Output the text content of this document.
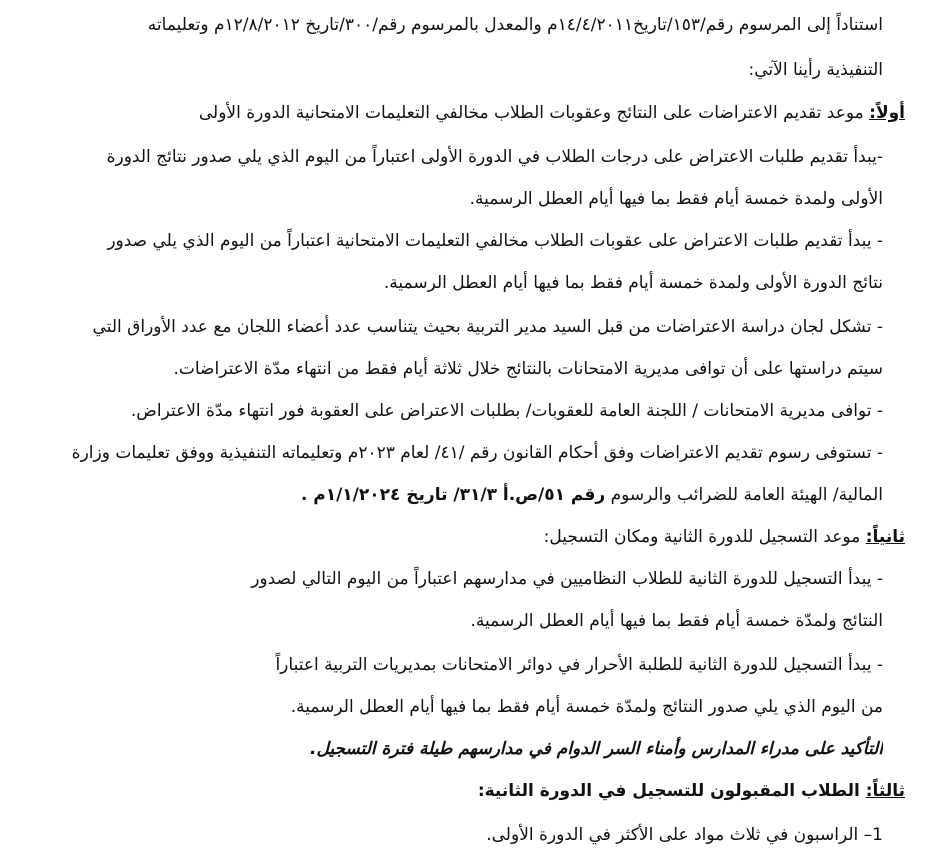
استناداً إلى المرسوم رقم/١٥٣/تاريخ١٤/٤/٢٠١١م والمعدل بالمرسوم رقم/٣٠٠/تاريخ ١٢/٨/٢٠١٢م وتعليماته
التنفيذية رأينا الآتي:
أولاً: موعد تقديم الاعتراضات على النتائج وعقوبات الطلاب مخالفي التعليمات الامتحانية الدورة الأولى
-يبدأ تقديم طلبات الاعتراض على درجات الطلاب في الدورة الأولى اعتباراً من اليوم الذي يلي صدور نتائج الدورة
الأولى ولمدة خمسة أيام فقط بما فيها أيام العطل الرسمية.
- يبدأ تقديم طلبات الاعتراض على عقوبات الطلاب مخالفي التعليمات الامتحانية اعتباراً من اليوم الذي يلي صدور
نتائج الدورة الأولى ولمدة خمسة أيام فقط بما فيها أيام العطل الرسمية.
- تشكل لجان دراسة الاعتراضات من قبل السيد مدير التربية بحيث يتناسب عدد أعضاء اللجان مع عدد الأوراق التي
سيتم دراستها على أن توافى مديرية الامتحانات بالنتائج خلال ثلاثة أيام فقط من انتهاء مدّة الاعتراضات.
- توافى مديرية الامتحانات / اللجنة العامة للعقوبات/ بطلبات الاعتراض على العقوبة فور انتهاء مدّة الاعتراض.
- تستوفى رسوم تقديم الاعتراضات وفق أحكام القانون رقم /٤١/ لعام ٢٠٢٣م وتعليماته التنفيذية ووفق تعليمات وزارة
المالية/ الهيئة العامة للضرائب والرسوم رقم ٥١/ص.أ ٣١/٣/ تاريخ ١/١/٢٠٢٤م .
ثانياً: موعد التسجيل للدورة الثانية ومكان التسجيل:
- يبدأ التسجيل للدورة الثانية للطلاب النظاميين في مدارسهم اعتباراً من اليوم التالي لصدور
النتائج ولمدّة خمسة أيام فقط بما فيها أيام العطل الرسمية.
- يبدأ التسجيل للدورة الثانية للطلبة الأحرار في دوائر الامتحانات بمديريات التربية اعتباراً
من اليوم الذي يلي صدور النتائج ولمدّة خمسة أيام فقط بما فيها أيام العطل الرسمية.
التأكيد على مدراء المدارس وأمناء السر الدوام في مدارسهم طيلة فترة التسجيل.
ثالثاً: الطلاب المقبولون للتسجيل في الدورة الثانية:
1– الراسبون في ثلاث مواد على الأكثر في الدورة الأولى.
